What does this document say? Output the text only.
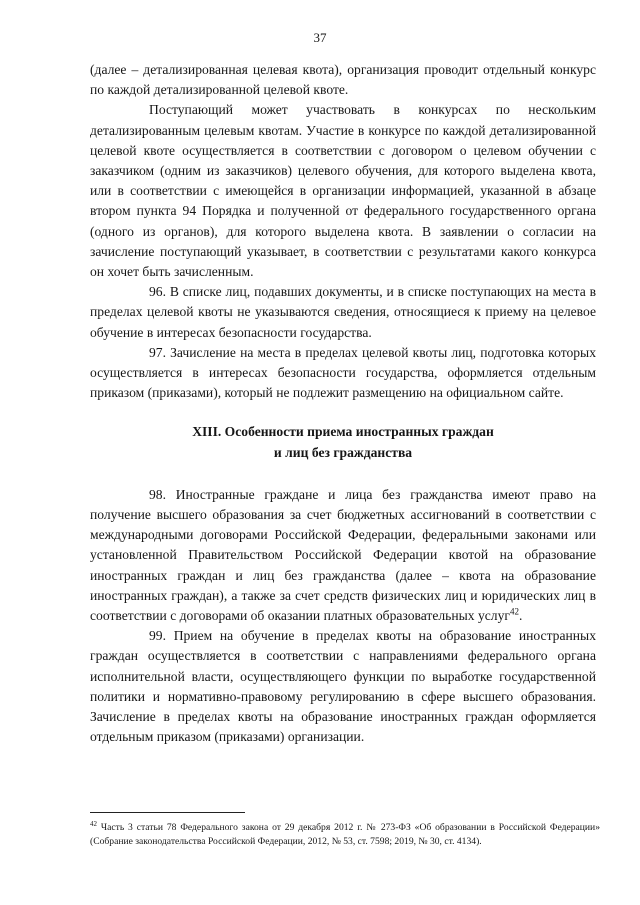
37

(далее – детализированная целевая квота), организация проводит отдельный конкурс по каждой детализированной целевой квоте.

Поступающий может участвовать в конкурсах по нескольким детализированным целевым квотам. Участие в конкурсе по каждой детализированной целевой квоте осуществляется в соответствии с договором о целевом обучении с заказчиком (одним из заказчиков) целевого обучения, для которого выделена квота, или в соответствии с имеющейся в организации информацией, указанной в абзаце втором пункта 94 Порядка и полученной от федерального государственного органа (одного из органов), для которого выделена квота. В заявлении о согласии на зачисление поступающий указывает, в соответствии с результатами какого конкурса он хочет быть зачисленным.

96. В списке лиц, подавших документы, и в списке поступающих на места в пределах целевой квоты не указываются сведения, относящиеся к приему на целевое обучение в интересах безопасности государства.

97. Зачисление на места в пределах целевой квоты лиц, подготовка которых осуществляется в интересах безопасности государства, оформляется отдельным приказом (приказами), который не подлежит размещению на официальном сайте.

XIII. Особенности приема иностранных граждан
и лиц без гражданства

98. Иностранные граждане и лица без гражданства имеют право на получение высшего образования за счет бюджетных ассигнований в соответствии с международными договорами Российской Федерации, федеральными законами или установленной Правительством Российской Федерации квотой на образование иностранных граждан и лиц без гражданства (далее – квота на образование иностранных граждан), а также за счет средств физических лиц и юридических лиц в соответствии с договорами об оказании платных образовательных услуг$^{42}$.

99. Прием на обучение в пределах квоты на образование иностранных граждан осуществляется в соответствии с направлениями федерального органа исполнительной власти, осуществляющего функции по выработке государственной политики и нормативно-правовому регулированию в сфере высшего образования. Зачисление в пределах квоты на образование иностранных граждан оформляется отдельным приказом (приказами) организации.

$^{42}$ Часть 3 статьи 78 Федерального закона от 29 декабря 2012 г. № 273-ФЗ «Об образовании в Российской Федерации» (Собрание законодательства Российской Федерации, 2012, № 53, ст. 7598; 2019, № 30, ст. 4134).
